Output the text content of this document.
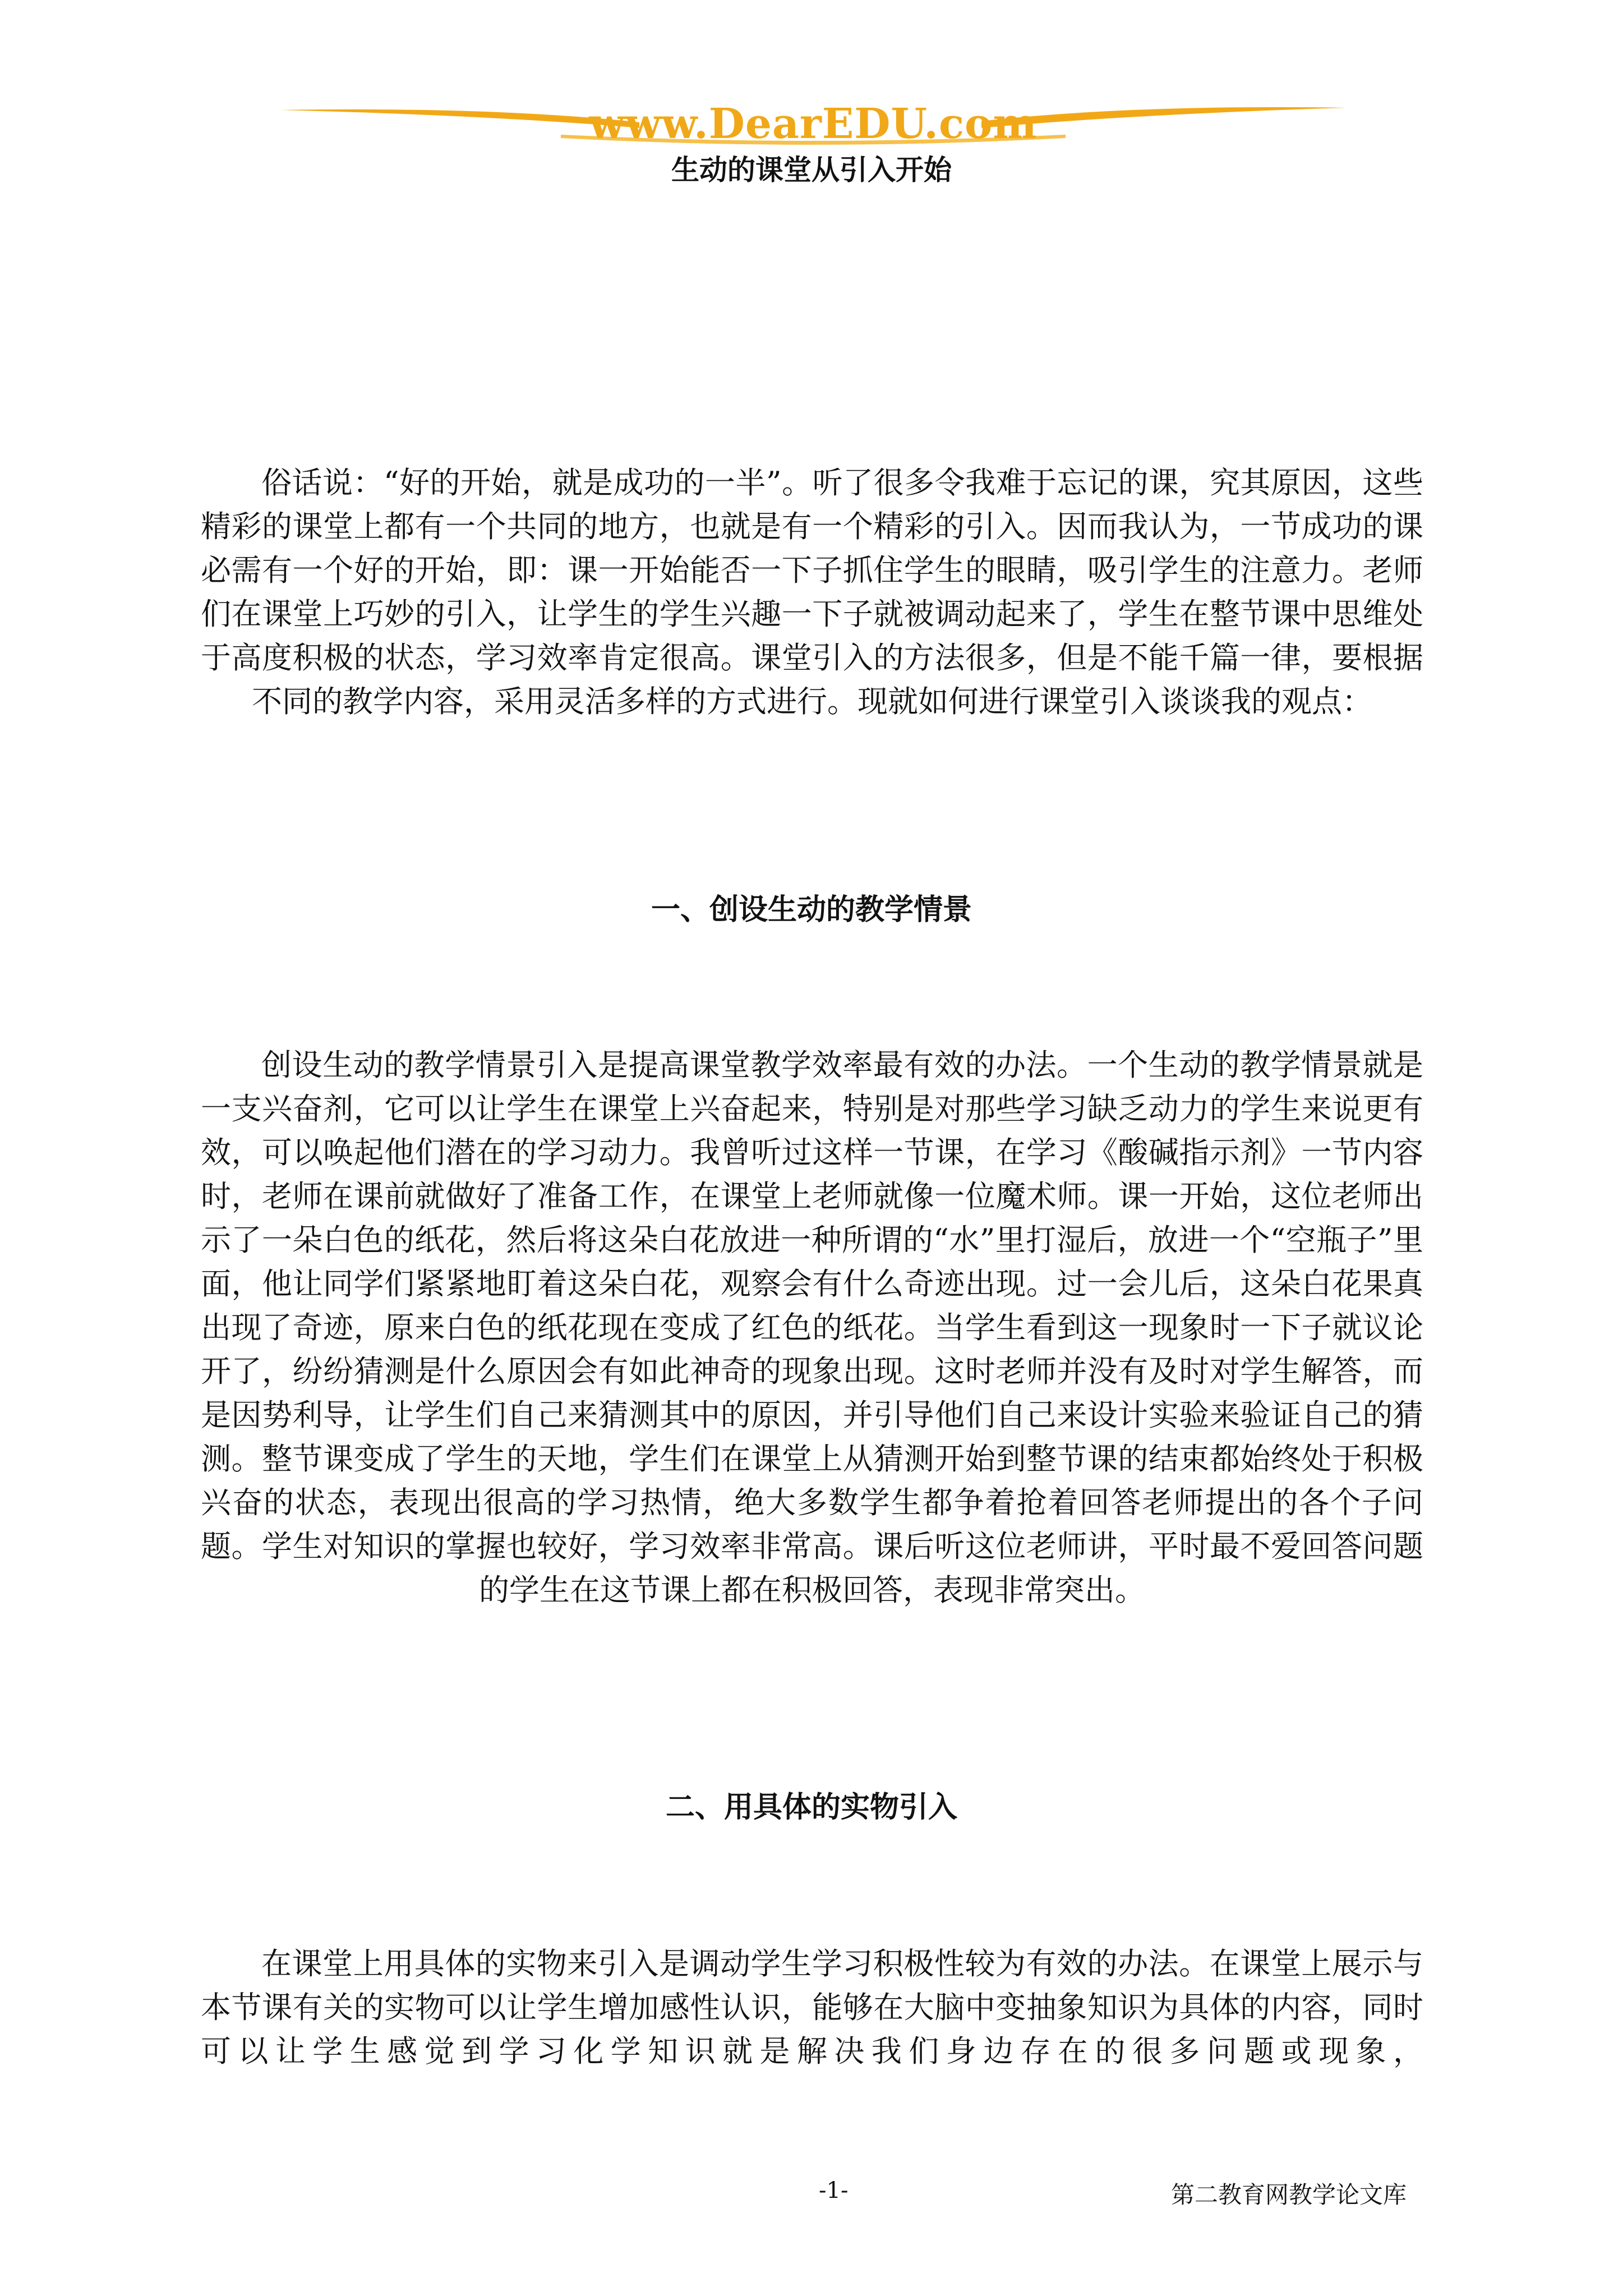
www.DearEDU.com
生动的课堂从引入开始

俗话说：“好的开始，就是成功的一半”。听了很多令我难于忘记的课，究其原因，这些精彩的课堂上都有一个共同的地方，也就是有一个精彩的引入。因而我认为，一节成功的课必需有一个好的开始，即：课一开始能否一下子抓住学生的眼睛，吸引学生的注意力。老师们在课堂上巧妙的引入，让学生的学生兴趣一下子就被调动起来了，学生在整节课中思维处于高度积极的状态，学习效率肯定很高。课堂引入的方法很多，但是不能千篇一律，要根据不同的教学内容，采用灵活多样的方式进行。现就如何进行课堂引入谈谈我的观点：

一、创设生动的教学情景

创设生动的教学情景引入是提高课堂教学效率最有效的办法。一个生动的教学情景就是一支兴奋剂，它可以让学生在课堂上兴奋起来，特别是对那些学习缺乏动力的学生来说更有效，可以唤起他们潜在的学习动力。我曾听过这样一节课，在学习《酸碱指示剂》一节内容时，老师在课前就做好了准备工作，在课堂上老师就像一位魔术师。课一开始，这位老师出示了一朵白色的纸花，然后将这朵白花放进一种所谓的“水”里打湿后，放进一个“空瓶子”里面，他让同学们紧紧地盯着这朵白花，观察会有什么奇迹出现。过一会儿后，这朵白花果真出现了奇迹，原来白色的纸花现在变成了红色的纸花。当学生看到这一现象时一下子就议论开了，纷纷猜测是什么原因会有如此神奇的现象出现。这时老师并没有及时对学生解答，而是因势利导，让学生们自己来猜测其中的原因，并引导他们自己来设计实验来验证自己的猜测。整节课变成了学生的天地，学生们在课堂上从猜测开始到整节课的结束都始终处于积极兴奋的状态，表现出很高的学习热情，绝大多数学生都争着抢着回答老师提出的各个子问题。学生对知识的掌握也较好，学习效率非常高。课后听这位老师讲，平时最不爱回答问题的学生在这节课上都在积极回答，表现非常突出。

二、用具体的实物引入

在课堂上用具体的实物来引入是调动学生学习积极性较为有效的办法。在课堂上展示与本节课有关的实物可以让学生增加感性认识，能够在大脑中变抽象知识为具体的内容，同时可以让学生感觉到学习化学知识就是解决我们身边存在的很多问题或现象，

-1-	第二教育网教学论文库
